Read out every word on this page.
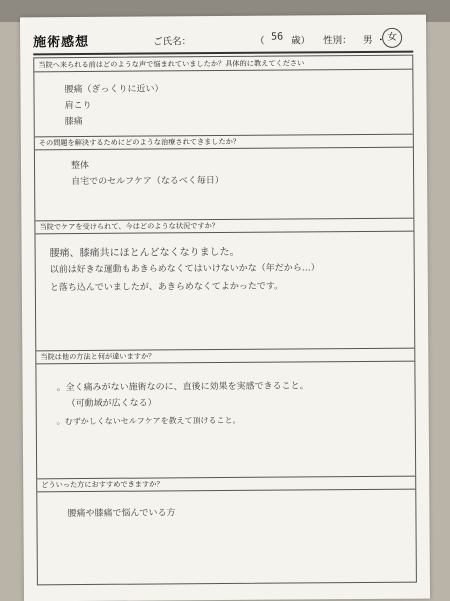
施術感想	ご氏名：	（ 56 歳） 性別： 男 ・ 女
当院へ来られる前はどのような声で悩まれていましたか？具体的に教えてください
腰痛（ぎっくりに近い）
肩こり
膝痛
その問題を解決するためにどのような治療されてきましたか？
整体
自宅でのセルフケア（なるべく毎日）
当院でケアを受けられて、今はどのような状況ですか？
腰痛、膝痛共にほとんどなくなりました。
以前は好きな運動もあきらめなくてはいけないかな（年だから…）
と落ち込んでいましたが、あきらめなくてよかったです。
当院は他の方法と何が違いますか？
。全く痛みがない施術なのに、直後に効果を実感できること。
（可動域が広くなる）
。むずかしくないセルフケアを教えて頂けること。
どういった方におすすめできますか？
腰痛や膝痛で悩んでいる方
